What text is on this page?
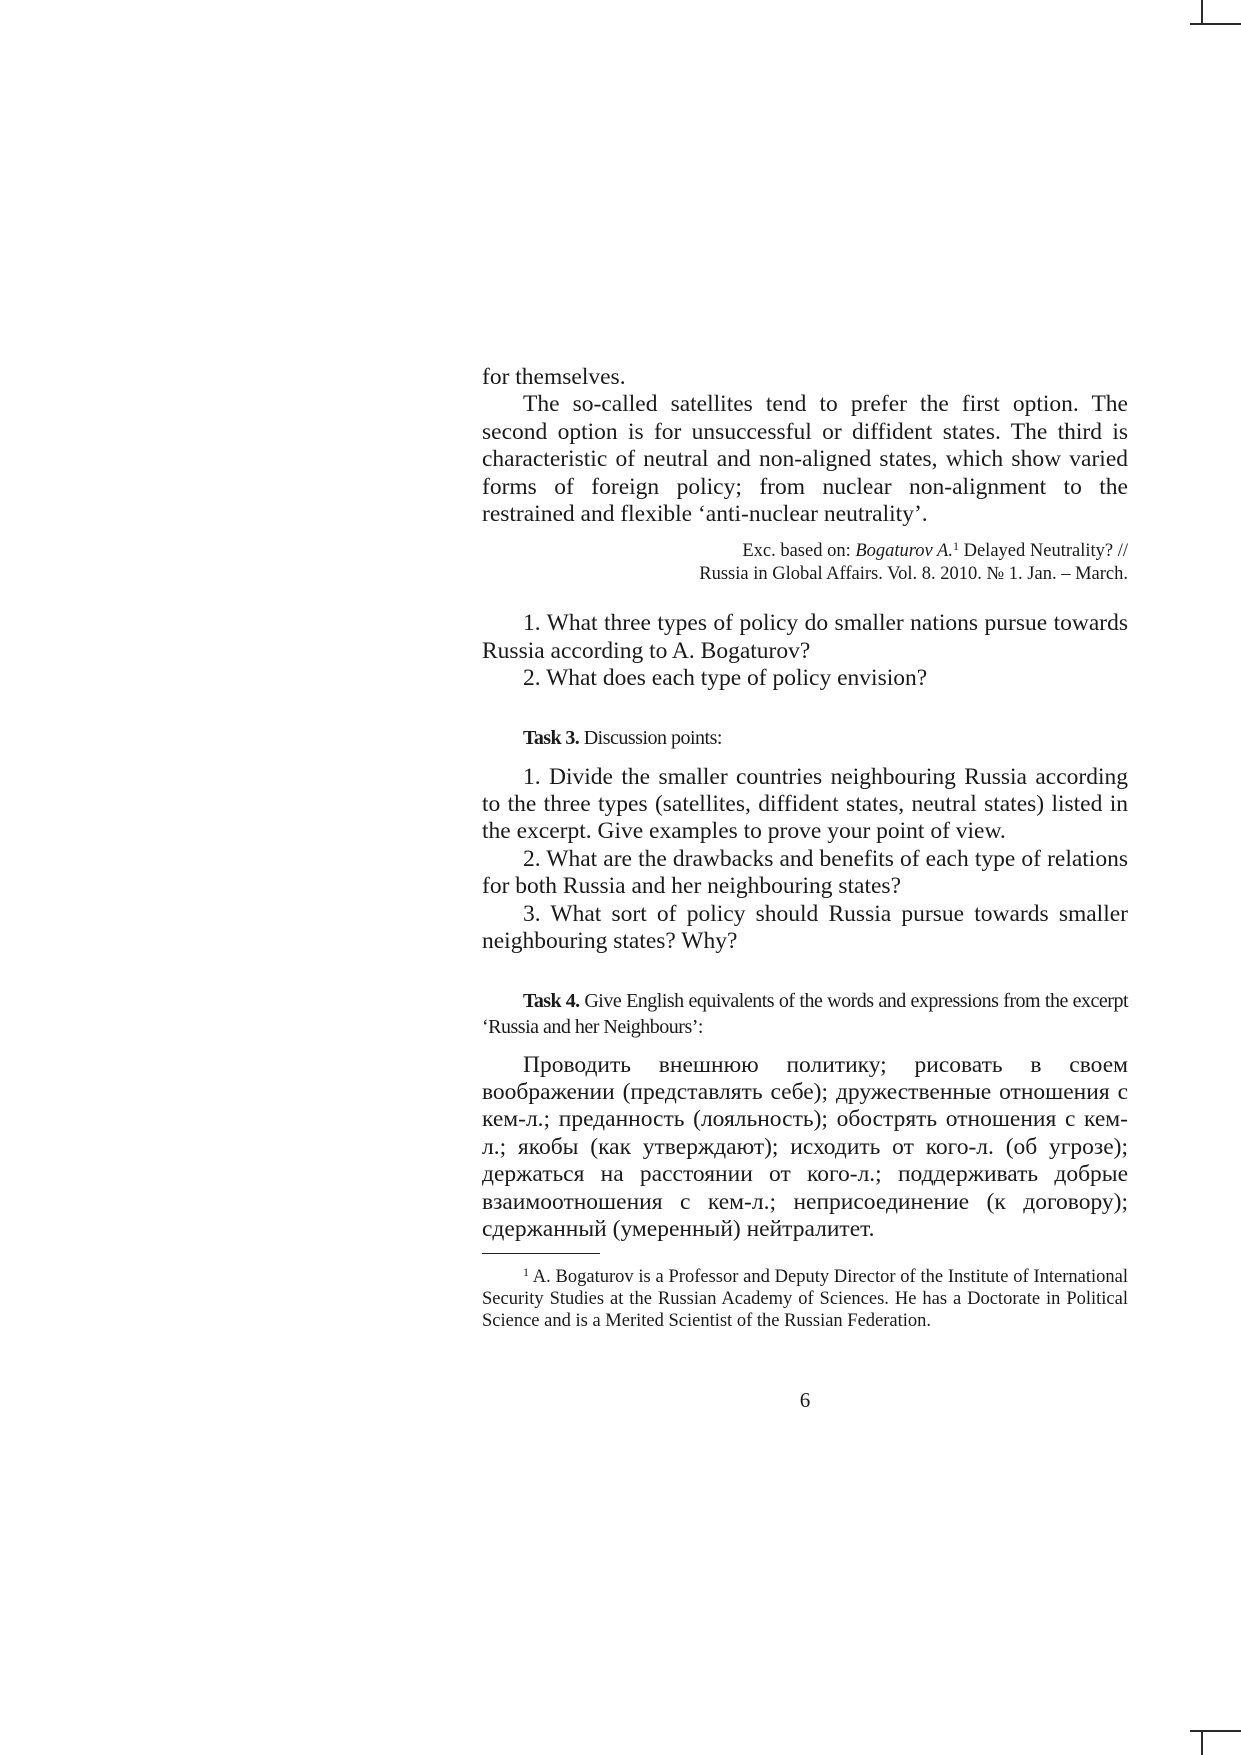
for themselves.

The so-called satellites tend to prefer the first option. The second option is for unsuccessful or diffident states. The third is characteristic of neutral and non-aligned states, which show varied forms of foreign policy; from nuclear non-alignment to the restrained and flexible ‘anti-nuclear neutrality’.

Exc. based on: Bogaturov A.$^1$ Delayed Neutrality? //
Russia in Global Affairs. Vol. 8. 2010. № 1. Jan. – March.

1. What three types of policy do smaller nations pursue towards Russia according to A. Bogaturov?

2. What does each type of policy envision?

Task 3. Discussion points:

1. Divide the smaller countries neighbouring Russia according to the three types (satellites, diffident states, neutral states) listed in the excerpt. Give examples to prove your point of view.

2. What are the drawbacks and benefits of each type of relations for both Russia and her neighbouring states?

3. What sort of policy should Russia pursue towards smaller neighbouring states? Why?

Task 4. Give English equivalents of the words and expressions from the excerpt ‘Russia and her Neighbours’:

Проводить внешнюю политику; рисовать в своем воображении (представлять себе); дружественные отношения с кем-л.; преданность (лояльность); обострять отношения с кем-л.; якобы (как утверждают); исходить от кого-л. (об угрозе); держаться на расстоянии от кого-л.; поддерживать добрые взаимоотношения с кем-л.; неприсоединение (к договору); сдержанный (умеренный) нейтралитет.

$^1$ A. Bogaturov is a Professor and Deputy Director of the Institute of International Security Studies at the Russian Academy of Sciences. He has a Doctorate in Political Science and is a Merited Scientist of the Russian Federation.

6
